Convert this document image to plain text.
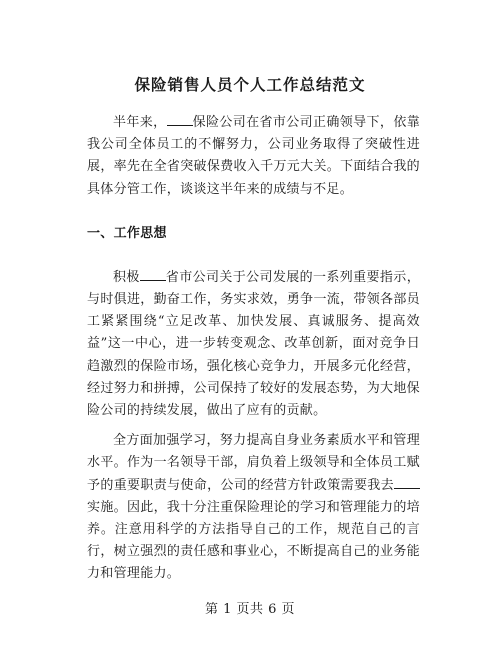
保险销售人员个人工作总结范文

半年来， 保险公司在省市公司正确领导下，依靠我公司全体员工的不懈努力，公司业务取得了突破性进展，率先在全省突破保费收入千万元大关。下面结合我的具体分管工作，谈谈这半年来的成绩与不足。

一、工作思想

积极 省市公司关于公司发展的一系列重要指示，与时俱进，勤奋工作，务实求效，勇争一流，带领各部员工紧紧围绕“立足改革、加快发展、真诚服务、提高效益”这一中心，进一步转变观念、改革创新，面对竞争日趋激烈的保险市场，强化核心竞争力，开展多元化经营，经过努力和拼搏，公司保持了较好的发展态势，为大地保险公司的持续发展，做出了应有的贡献。

全方面加强学习，努力提高自身业务素质水平和管理水平。作为一名领导干部，肩负着上级领导和全体员工赋予的重要职责与使命，公司的经营方针政策需要我去实施。因此，我十分注重保险理论的学习和管理能力的培养。注意用科学的方法指导自己的工作，规范自己的言行，树立强烈的责任感和事业心，不断提高自己的业务能力和管理能力。

第 1 页共 6 页
